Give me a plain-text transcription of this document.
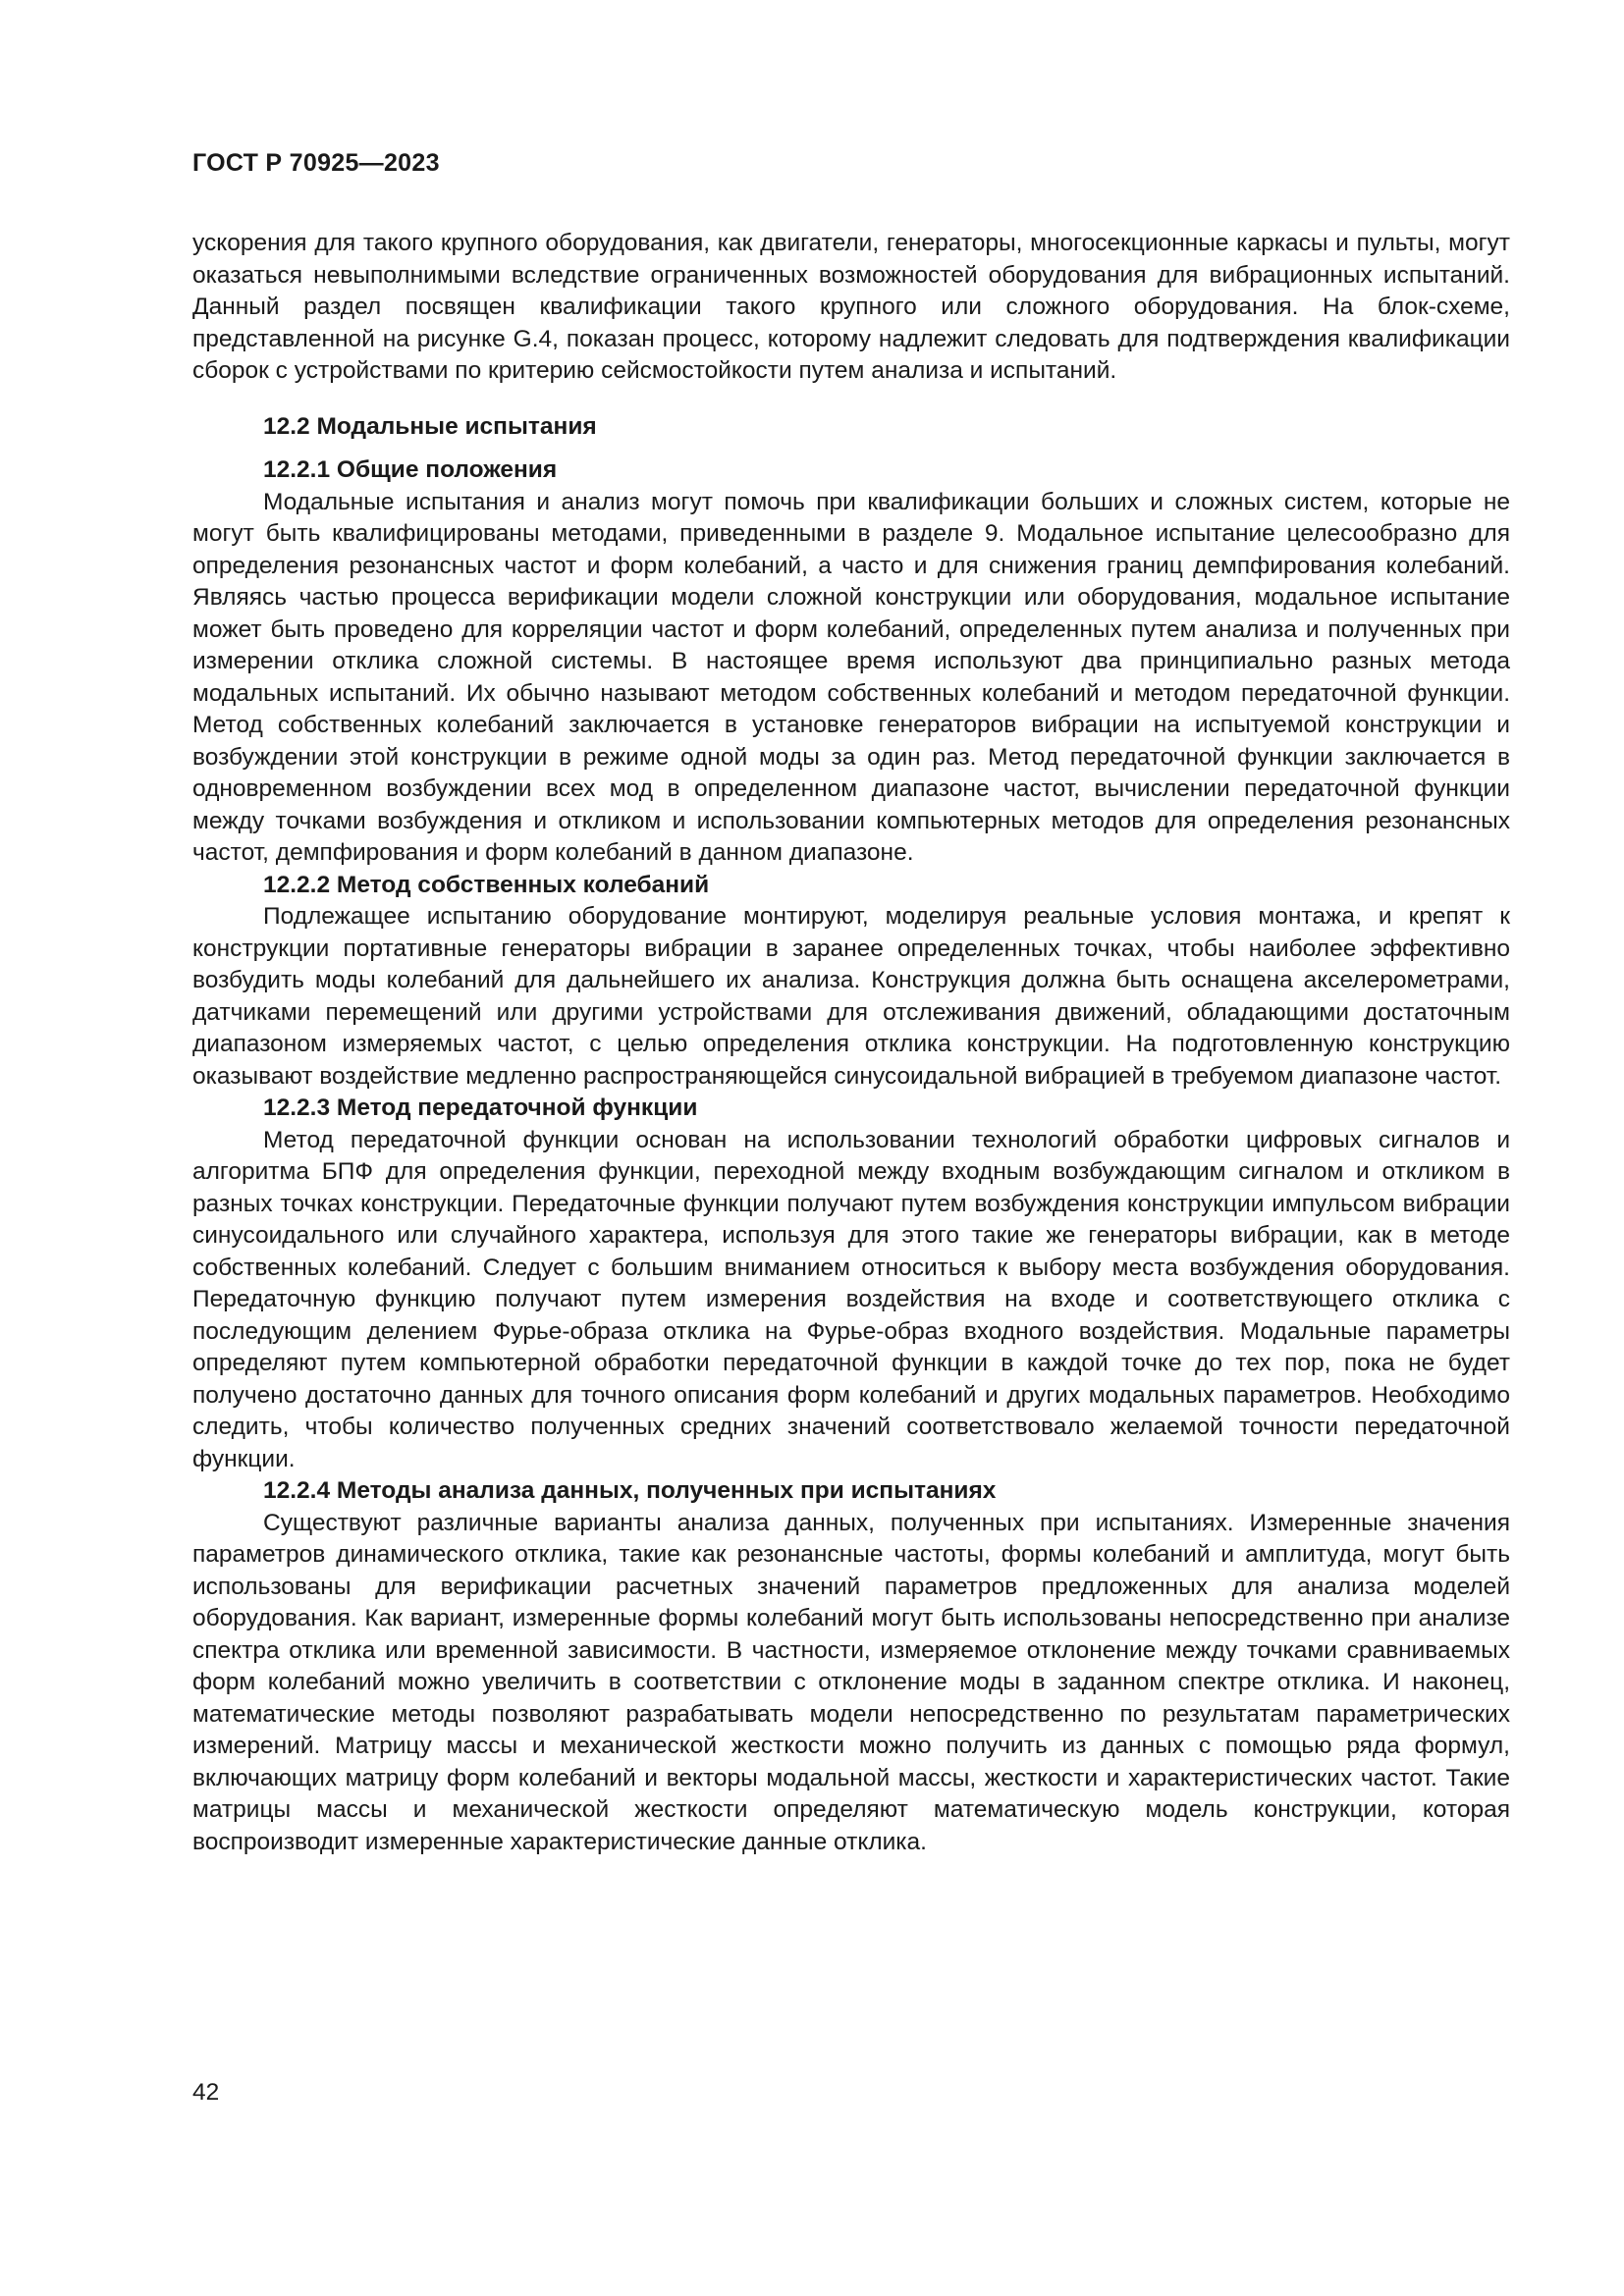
ГОСТ Р 70925—2023

ускорения для такого крупного оборудования, как двигатели, генераторы, многосекционные каркасы и пульты, могут оказаться невыполнимыми вследствие ограниченных возможностей оборудования для вибрационных испытаний. Данный раздел посвящен квалификации такого крупного или сложного оборудования. На блок-схеме, представленной на рисунке G.4, показан процесс, которому надлежит следовать для подтверждения квалификации сборок с устройствами по критерию сейсмостойкости путем анализа и испытаний.

12.2 Модальные испытания

12.2.1 Общие положения

Модальные испытания и анализ могут помочь при квалификации больших и сложных систем, которые не могут быть квалифицированы методами, приведенными в разделе 9. Модальное испытание целесообразно для определения резонансных частот и форм колебаний, а часто и для снижения границ демпфирования колебаний. Являясь частью процесса верификации модели сложной конструкции или оборудования, модальное испытание может быть проведено для корреляции частот и форм колебаний, определенных путем анализа и полученных при измерении отклика сложной системы. В настоящее время используют два принципиально разных метода модальных испытаний. Их обычно называют методом собственных колебаний и методом передаточной функции. Метод собственных колебаний заключается в установке генераторов вибрации на испытуемой конструкции и возбуждении этой конструкции в режиме одной моды за один раз. Метод передаточной функции заключается в одновременном возбуждении всех мод в определенном диапазоне частот, вычислении передаточной функции между точками возбуждения и откликом и использовании компьютерных методов для определения резонансных частот, демпфирования и форм колебаний в данном диапазоне.

12.2.2 Метод собственных колебаний

Подлежащее испытанию оборудование монтируют, моделируя реальные условия монтажа, и крепят к конструкции портативные генераторы вибрации в заранее определенных точках, чтобы наиболее эффективно возбудить моды колебаний для дальнейшего их анализа. Конструкция должна быть оснащена акселерометрами, датчиками перемещений или другими устройствами для отслеживания движений, обладающими достаточным диапазоном измеряемых частот, с целью определения отклика конструкции. На подготовленную конструкцию оказывают воздействие медленно распространяющейся синусоидальной вибрацией в требуемом диапазоне частот.

12.2.3 Метод передаточной функции

Метод передаточной функции основан на использовании технологий обработки цифровых сигналов и алгоритма БПФ для определения функции, переходной между входным возбуждающим сигналом и откликом в разных точках конструкции. Передаточные функции получают путем возбуждения конструкции импульсом вибрации синусоидального или случайного характера, используя для этого такие же генераторы вибрации, как в методе собственных колебаний. Следует с большим вниманием относиться к выбору места возбуждения оборудования. Передаточную функцию получают путем измерения воздействия на входе и соответствующего отклика с последующим делением Фурье-образа отклика на Фурье-образ входного воздействия. Модальные параметры определяют путем компьютерной обработки передаточной функции в каждой точке до тех пор, пока не будет получено достаточно данных для точного описания форм колебаний и других модальных параметров. Необходимо следить, чтобы количество полученных средних значений соответствовало желаемой точности передаточной функции.

12.2.4 Методы анализа данных, полученных при испытаниях

Существуют различные варианты анализа данных, полученных при испытаниях. Измеренные значения параметров динамического отклика, такие как резонансные частоты, формы колебаний и амплитуда, могут быть использованы для верификации расчетных значений параметров предложенных для анализа моделей оборудования. Как вариант, измеренные формы колебаний могут быть использованы непосредственно при анализе спектра отклика или временной зависимости. В частности, измеряемое отклонение между точками сравниваемых форм колебаний можно увеличить в соответствии с отклонение моды в заданном спектре отклика. И наконец, математические методы позволяют разрабатывать модели непосредственно по результатам параметрических измерений. Матрицу массы и механической жесткости можно получить из данных с помощью ряда формул, включающих матрицу форм колебаний и векторы модальной массы, жесткости и характеристических частот. Такие матрицы массы и механической жесткости определяют математическую модель конструкции, которая воспроизводит измеренные характеристические данные отклика.

42
